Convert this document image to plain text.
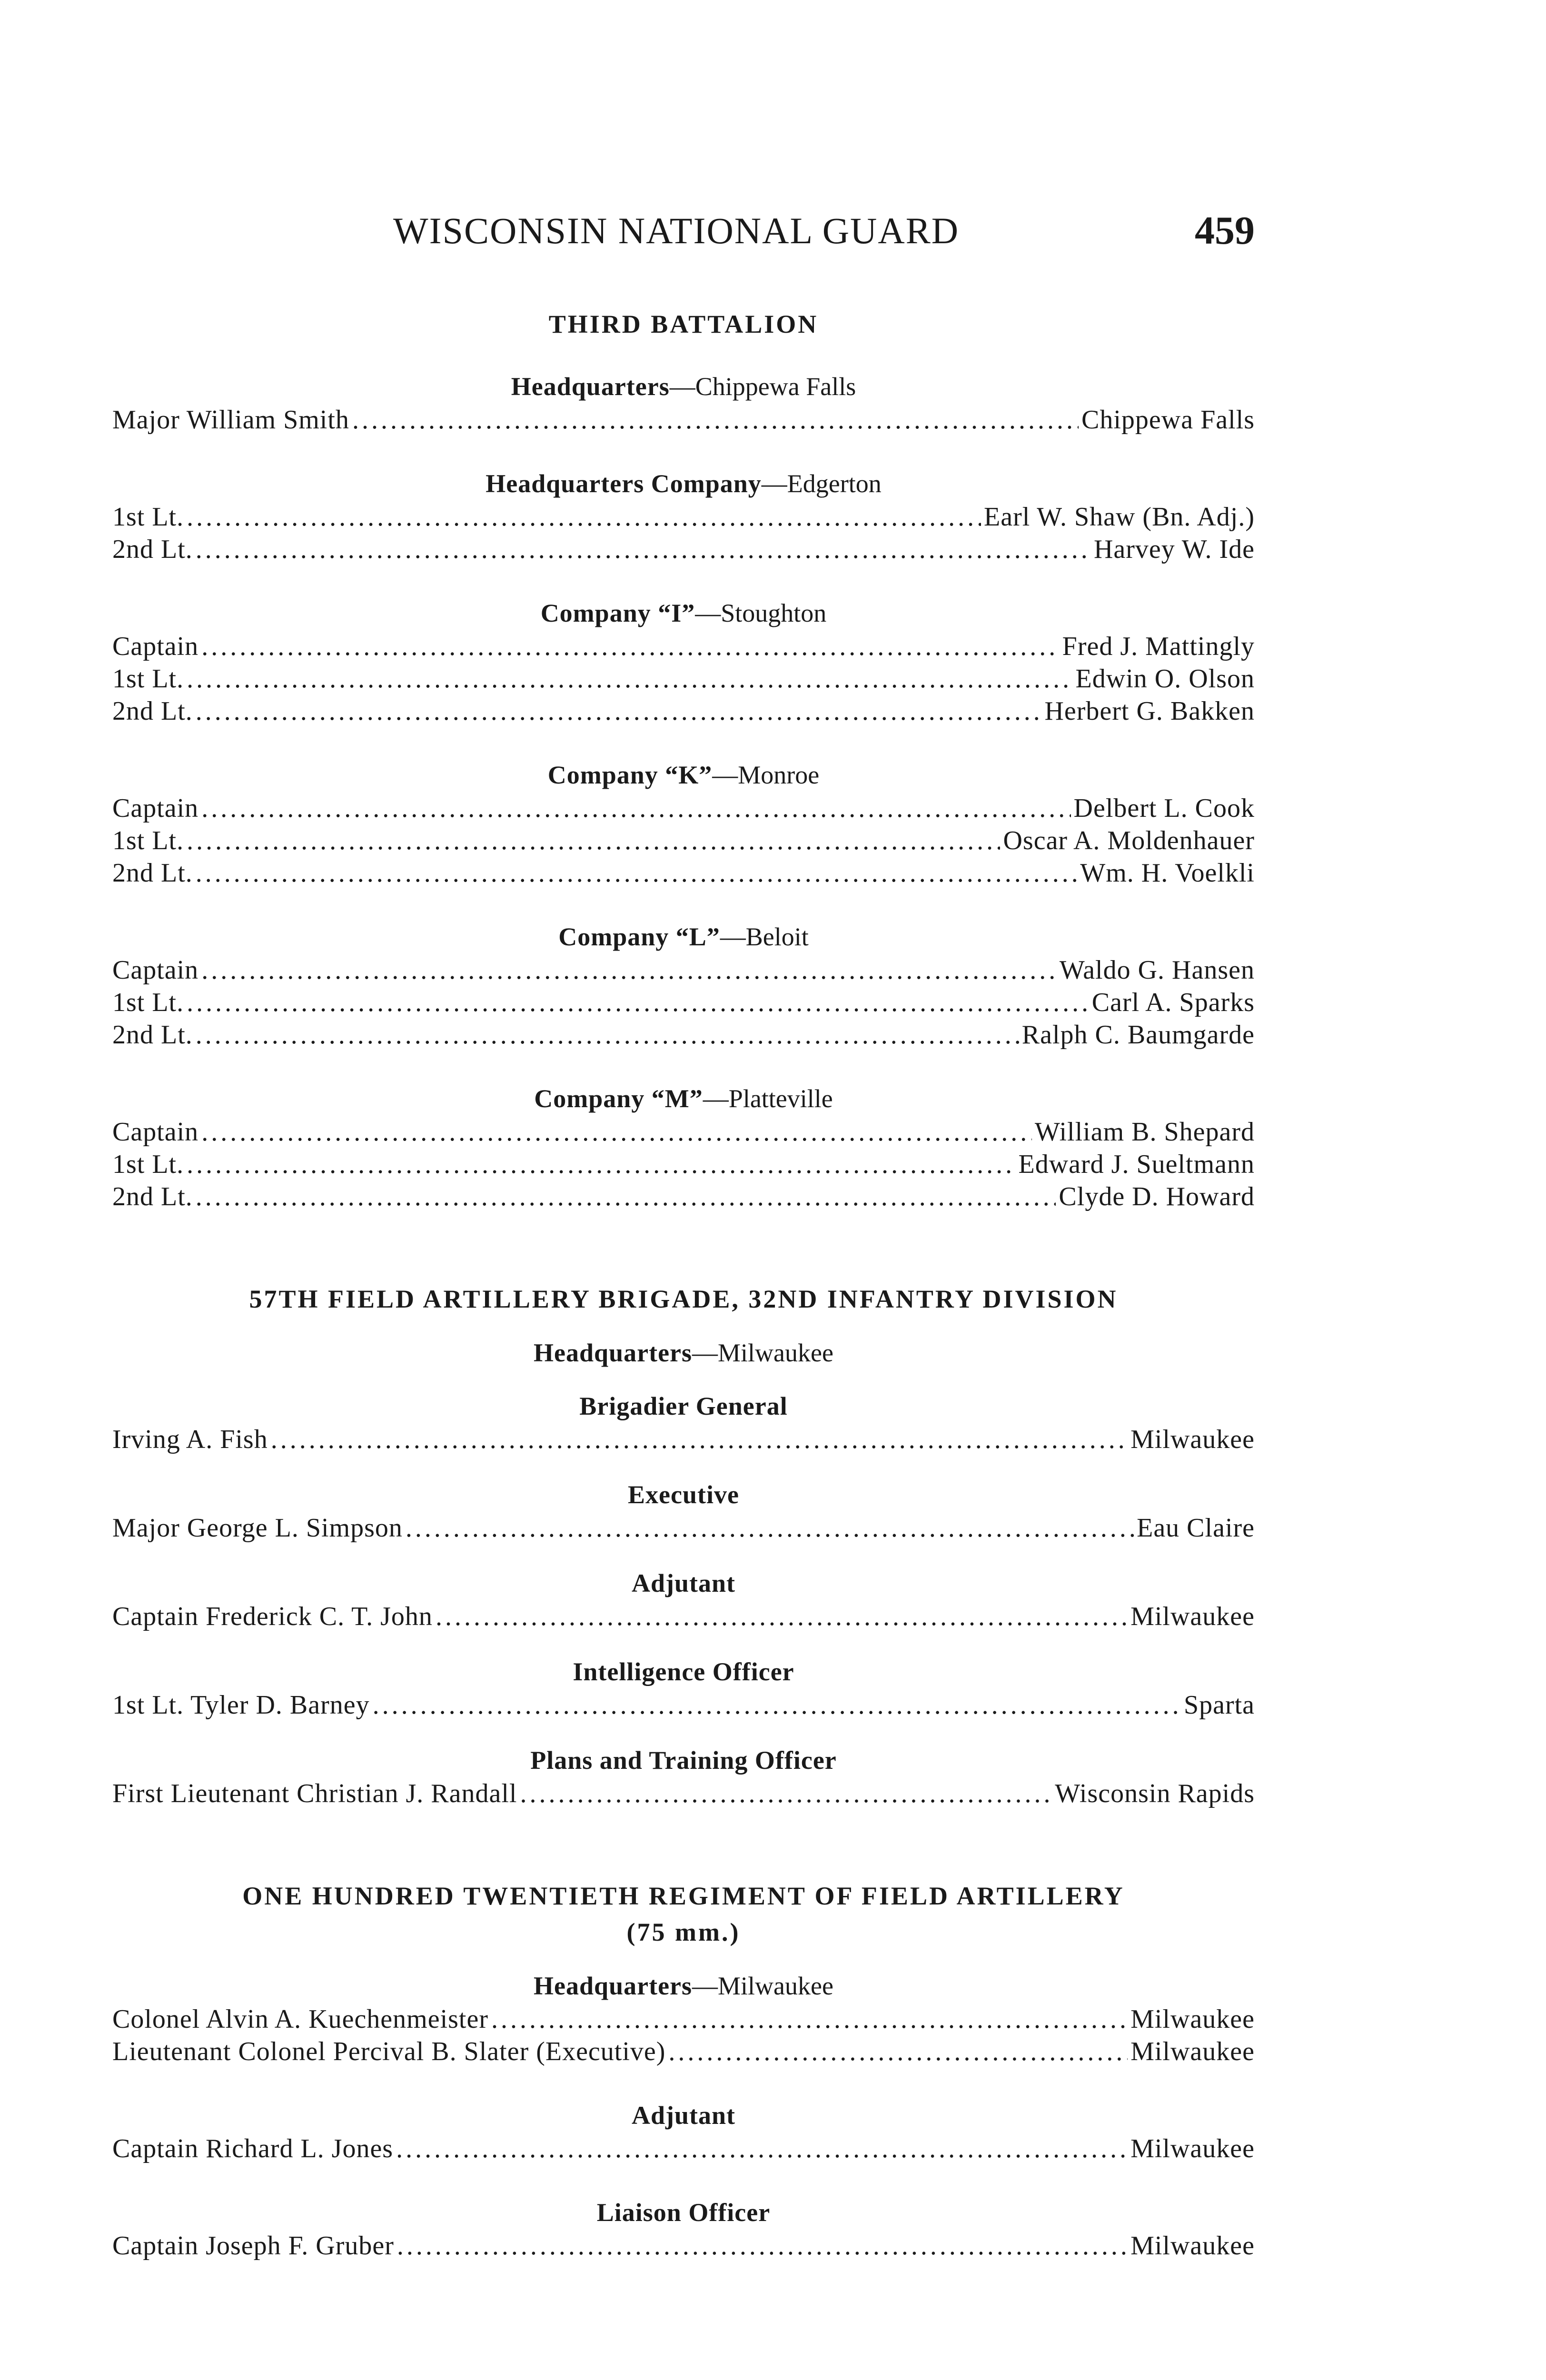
WISCONSIN NATIONAL GUARD	459
THIRD BATTALION
Headquarters—Chippewa Falls
Major William Smith .....	Chippewa Falls
Headquarters Company—Edgerton
1st Lt. .....	Earl W. Shaw (Bn. Adj.)
2nd Lt. .....	Harvey W. Ide
Company “I”—Stoughton
Captain .....	Fred J. Mattingly
1st Lt. .....	Edwin O. Olson
2nd Lt. .....	Herbert G. Bakken
Company “K”—Monroe
Captain .....	Delbert L. Cook
1st Lt. .....	Oscar A. Moldenhauer
2nd Lt. .....	Wm. H. Voelkli
Company “L”—Beloit
Captain .....	Waldo G. Hansen
1st Lt. .....	Carl A. Sparks
2nd Lt. .....	Ralph C. Baumgarde
Company “M”—Platteville
Captain .....	William B. Shepard
1st Lt. .....	Edward J. Sueltmann
2nd Lt. .....	Clyde D. Howard
57TH FIELD ARTILLERY BRIGADE, 32ND INFANTRY DIVISION
Headquarters—Milwaukee
Brigadier General
Irving A. Fish .....	Milwaukee
Executive
Major George L. Simpson .....	Eau Claire
Adjutant
Captain Frederick C. T. John .....	Milwaukee
Intelligence Officer
1st Lt. Tyler D. Barney .....	Sparta
Plans and Training Officer
First Lieutenant Christian J. Randall .....	Wisconsin Rapids
ONE HUNDRED TWENTIETH REGIMENT OF FIELD ARTILLERY
(75 mm.)
Headquarters—Milwaukee
Colonel Alvin A. Kuechenmeister .....	Milwaukee
Lieutenant Colonel Percival B. Slater (Executive) .....	Milwaukee
Adjutant
Captain Richard L. Jones .....	Milwaukee
Liaison Officer
Captain Joseph F. Gruber .....	Milwaukee
